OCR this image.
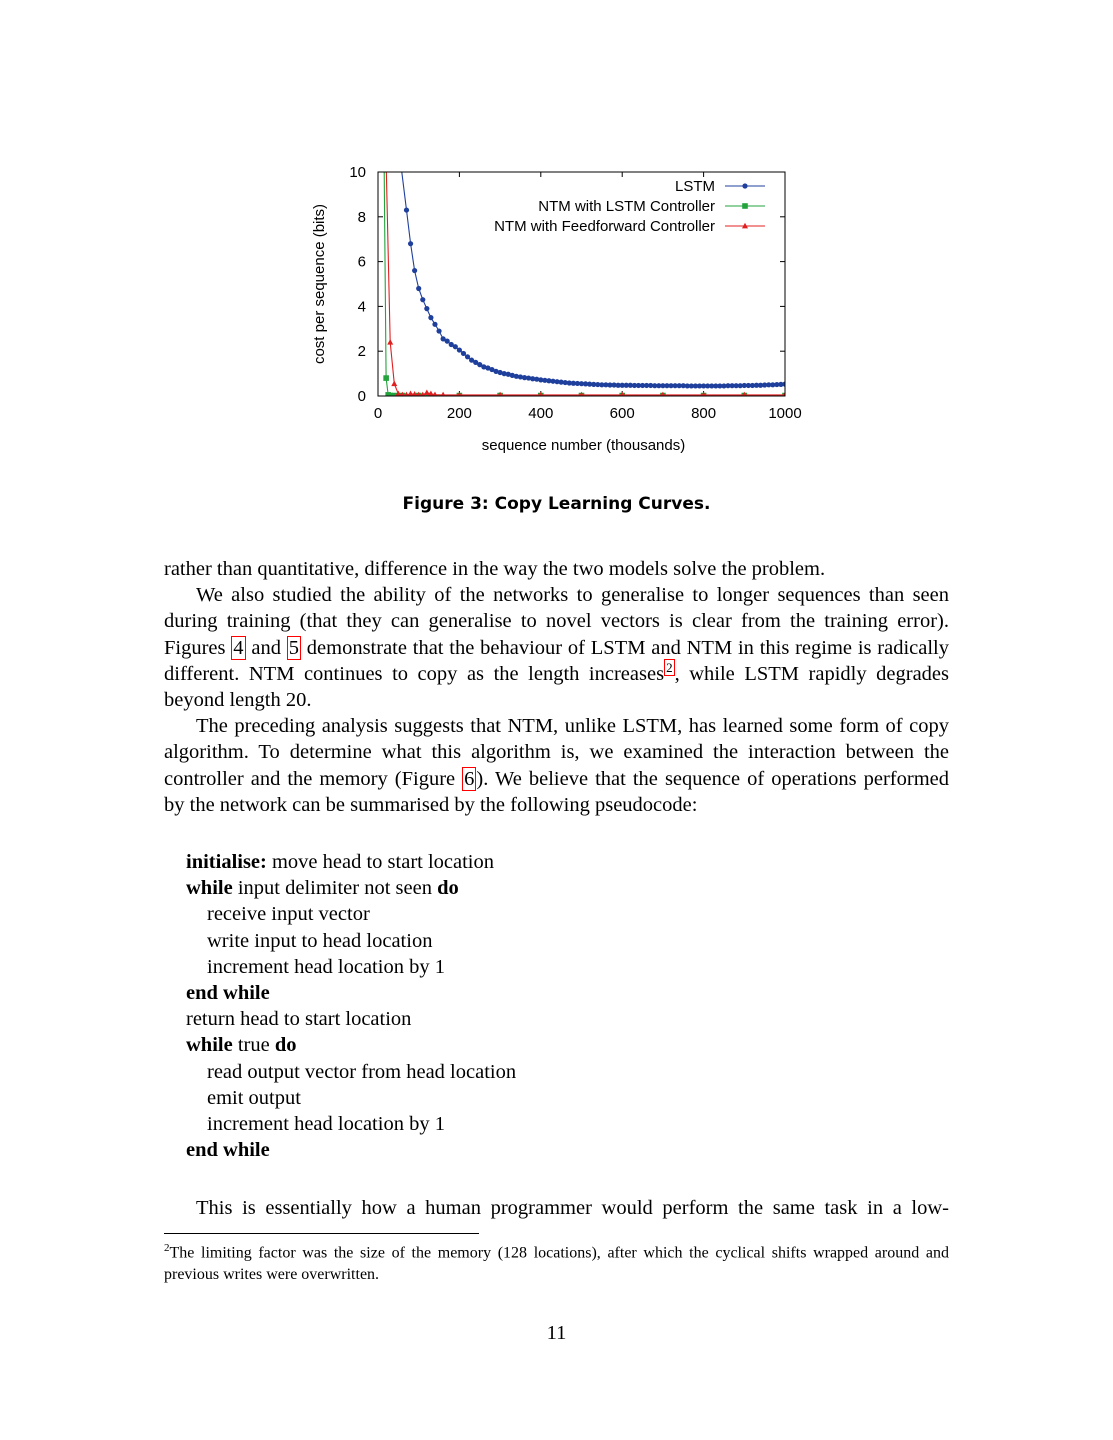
0	200	400	600	800	1000
0
2
4
6
8
10
LSTM
NTM with LSTM Controller
NTM with Feedforward Controller
sequence number (thousands)
cost per sequence (bits)
Figure 3: Copy Learning Curves.

rather than quantitative, difference in the way the two models solve the problem.

We also studied the ability of the networks to generalise to longer sequences than seen during training (that they can generalise to novel vectors is clear from the training error). Figures 4 and 5 demonstrate that the behaviour of LSTM and NTM in this regime is radically different. NTM continues to copy as the length increases $^2$, while LSTM rapidly degrades beyond length 20.

The preceding analysis suggests that NTM, unlike LSTM, has learned some form of copy algorithm. To determine what this algorithm is, we examined the interaction between the controller and the memory (Figure 6). We believe that the sequence of operations performed by the network can be summarised by the following pseudocode:

initialise: move head to start location
while input delimiter not seen do
receive input vector
write input to head location
increment head location by 1
end while
return head to start location
while true do
read output vector from head location
emit output
increment head location by 1
end while
This is essentially how a human programmer would perform the same task in a low-
$^2$The limiting factor was the size of the memory (128 locations), after which the cyclical shifts wrapped around and previous writes were overwritten.
11
